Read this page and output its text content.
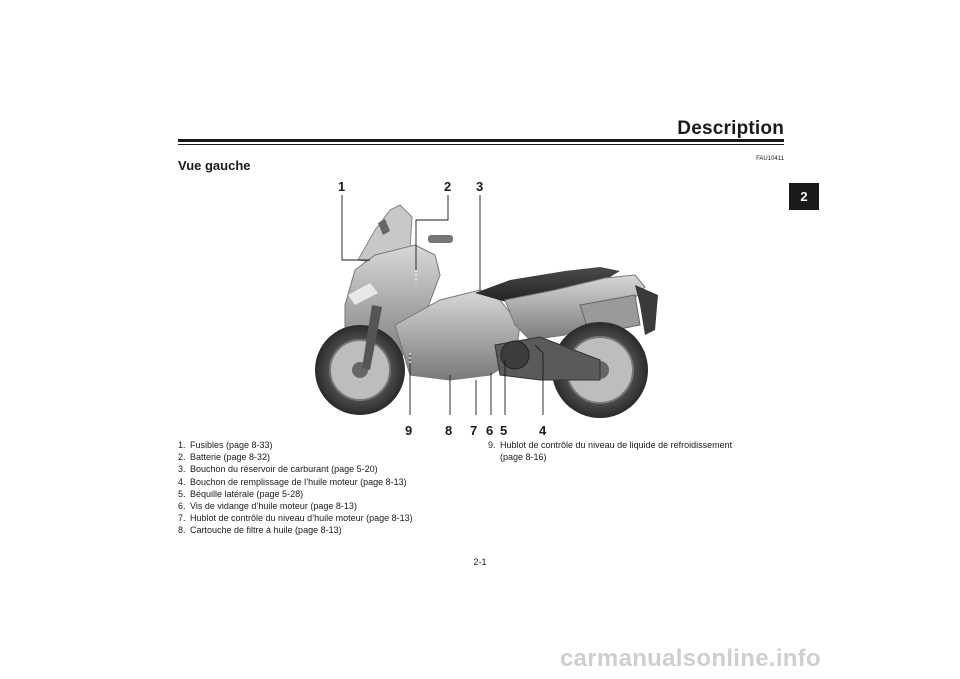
Description
Vue gauche	FAU10411
2
1	2 3
9	8 7 6 5 4
1. Fusibles (page 8-33)
2. Batterie (page 8-32)
3. Bouchon du réservoir de carburant (page 5-20)
4. Bouchon de remplissage de l’huile moteur (page 8-13)
5. Béquille latérale (page 5-28)
6. Vis de vidange d’huile moteur (page 8-13)
7. Hublot de contrôle du niveau d’huile moteur (page 8-13)
8. Cartouche de filtre à huile (page 8-13)
9. Hublot de contrôle du niveau de liquide de refroidissement
(page 8-16)
2-1
carmanualsonline.info
